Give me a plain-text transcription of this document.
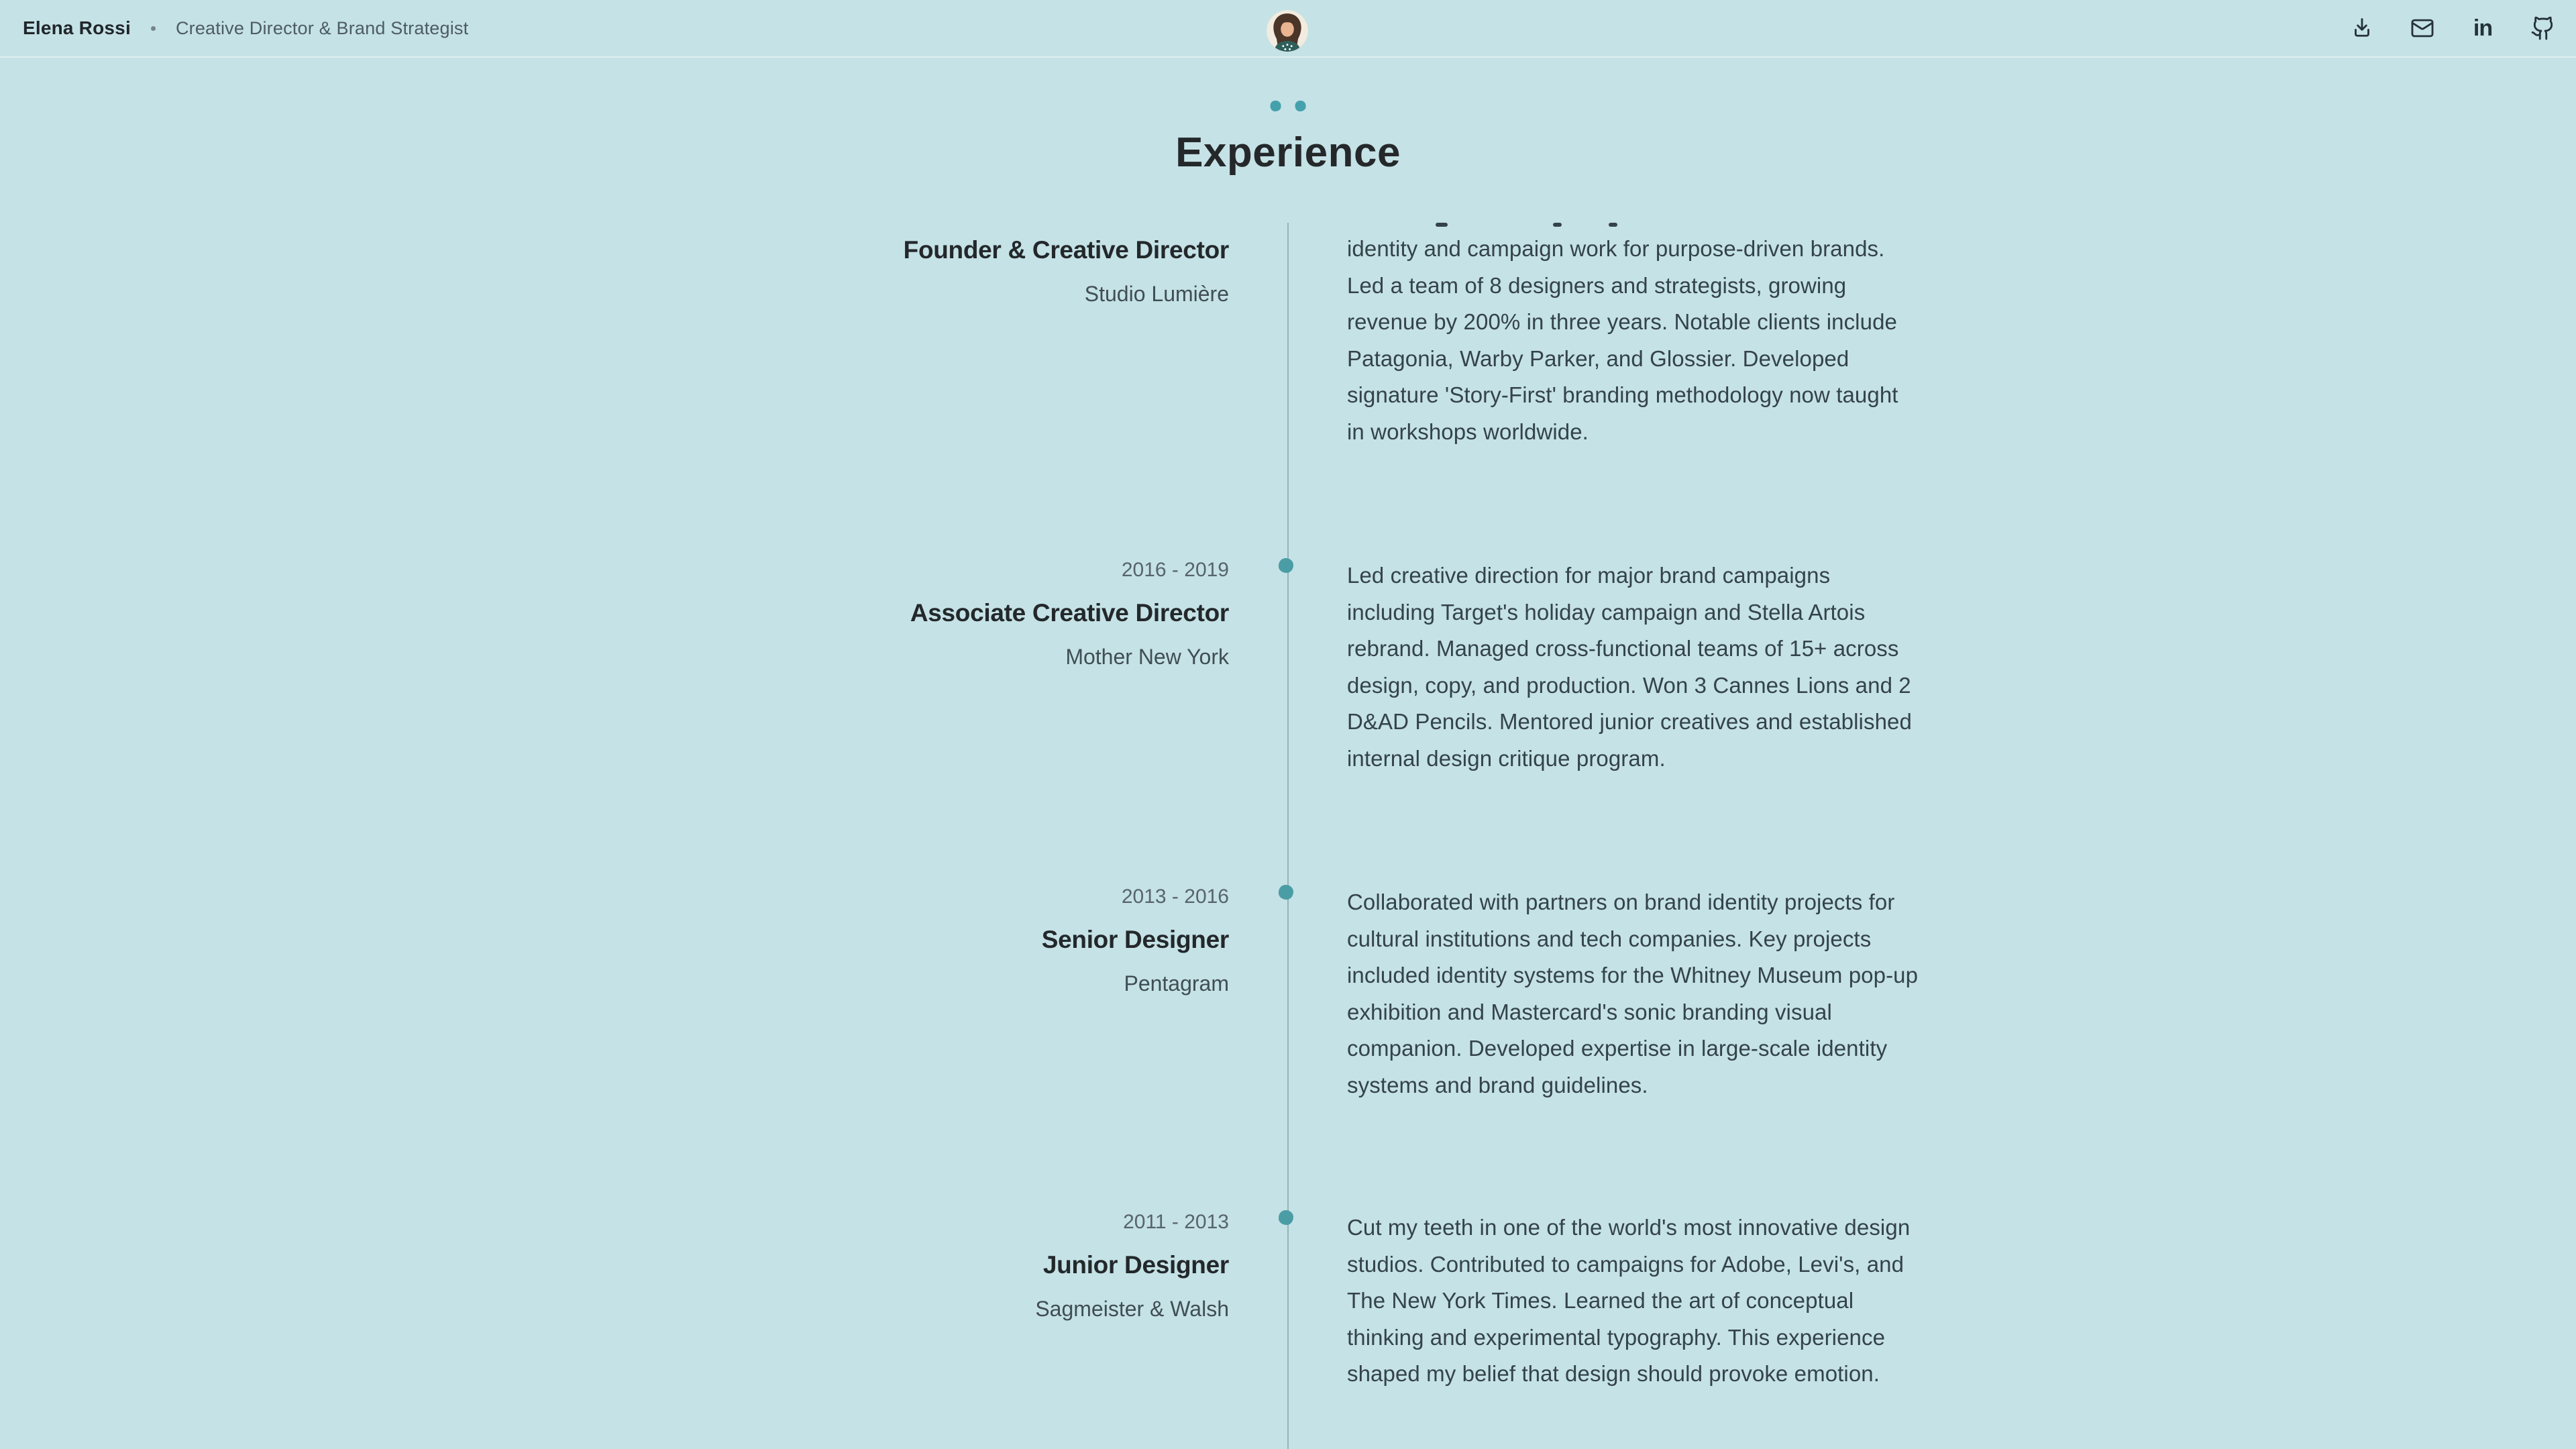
Elena Rossi Creative Director & Brand Strategist	in
Experience
Founder & Creative Director
Studio Lumière

identity and campaign work for purpose-driven brands. Led a team of 8 designers and strategists, growing revenue by 200% in three years. Notable clients include Patagonia, Warby Parker, and Glossier. Developed signature 'Story-First' branding methodology now taught in workshops worldwide.

2016 - 2019
Associate Creative Director
Mother New York

Led creative direction for major brand campaigns including Target's holiday campaign and Stella Artois rebrand. Managed cross-functional teams of 15+ across design, copy, and production. Won 3 Cannes Lions and 2 D&AD Pencils. Mentored junior creatives and established internal design critique program.

2013 - 2016
Senior Designer
Pentagram

Collaborated with partners on brand identity projects for cultural institutions and tech companies. Key projects included identity systems for the Whitney Museum pop-up exhibition and Mastercard's sonic branding visual companion. Developed expertise in large-scale identity systems and brand guidelines.

2011 - 2013
Junior Designer
Sagmeister & Walsh

Cut my teeth in one of the world's most innovative design studios. Contributed to campaigns for Adobe, Levi's, and The New York Times. Learned the art of conceptual thinking and experimental typography. This experience shaped my belief that design should provoke emotion.
